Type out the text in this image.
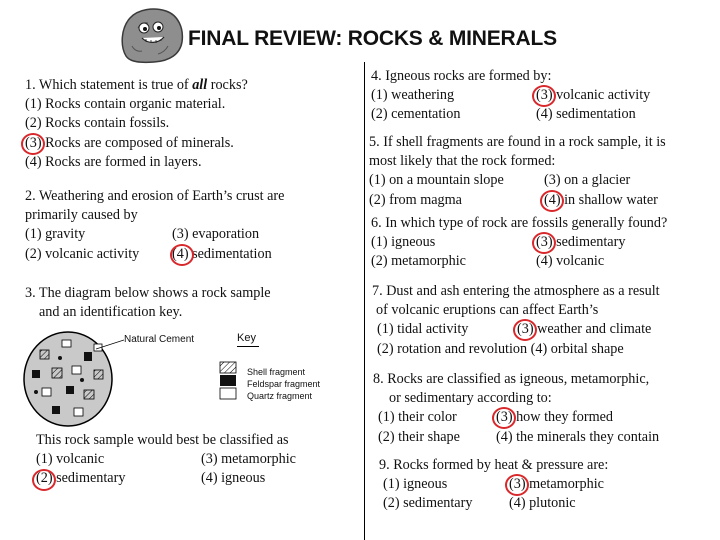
FINAL REVIEW: ROCKS & MINERALS
1. Which statement is true of all rocks?
(1) Rocks contain organic material.
(2) Rocks contain fossils.
(3) Rocks are composed of minerals.
(4) Rocks are formed in layers.
2. Weathering and erosion of Earth’s crust are
primarily caused by
(1) gravity	(3) evaporation
(2) volcanic activity (4) sedimentation
3. The diagram below shows a rock sample
and an identification key.
Natural Cement	Key
Shell fragment
Feldspar fragment
Quartz fragment
This rock sample would best be classified as
(1) volcanic	(3) metamorphic
(2) sedimentary	(4) igneous
4. Igneous rocks are formed by:
(1) weathering	(3) volcanic activity
(2) cementation	(4) sedimentation
5. If shell fragments are found in a rock sample, it is
most likely that the rock formed:
(1) on a mountain slope	(3) on a glacier
(2) from magma	(4) in shallow water
6. In which type of rock are fossils generally found?
(1) igneous	(3) sedimentary
(2) metamorphic	(4) volcanic
7. Dust and ash entering the atmosphere as a result
of volcanic eruptions can affect Earth’s
(1) tidal activity	(3) weather and climate
(2) rotation and revolution (4) orbital shape
8. Rocks are classified as igneous, metamorphic,
or sedimentary according to:
(1) their color	(3) how they formed
(2) their shape	(4) the minerals they contain
9. Rocks formed by heat & pressure are:
(1) igneous	(3) metamorphic
(2) sedimentary	(4) plutonic
